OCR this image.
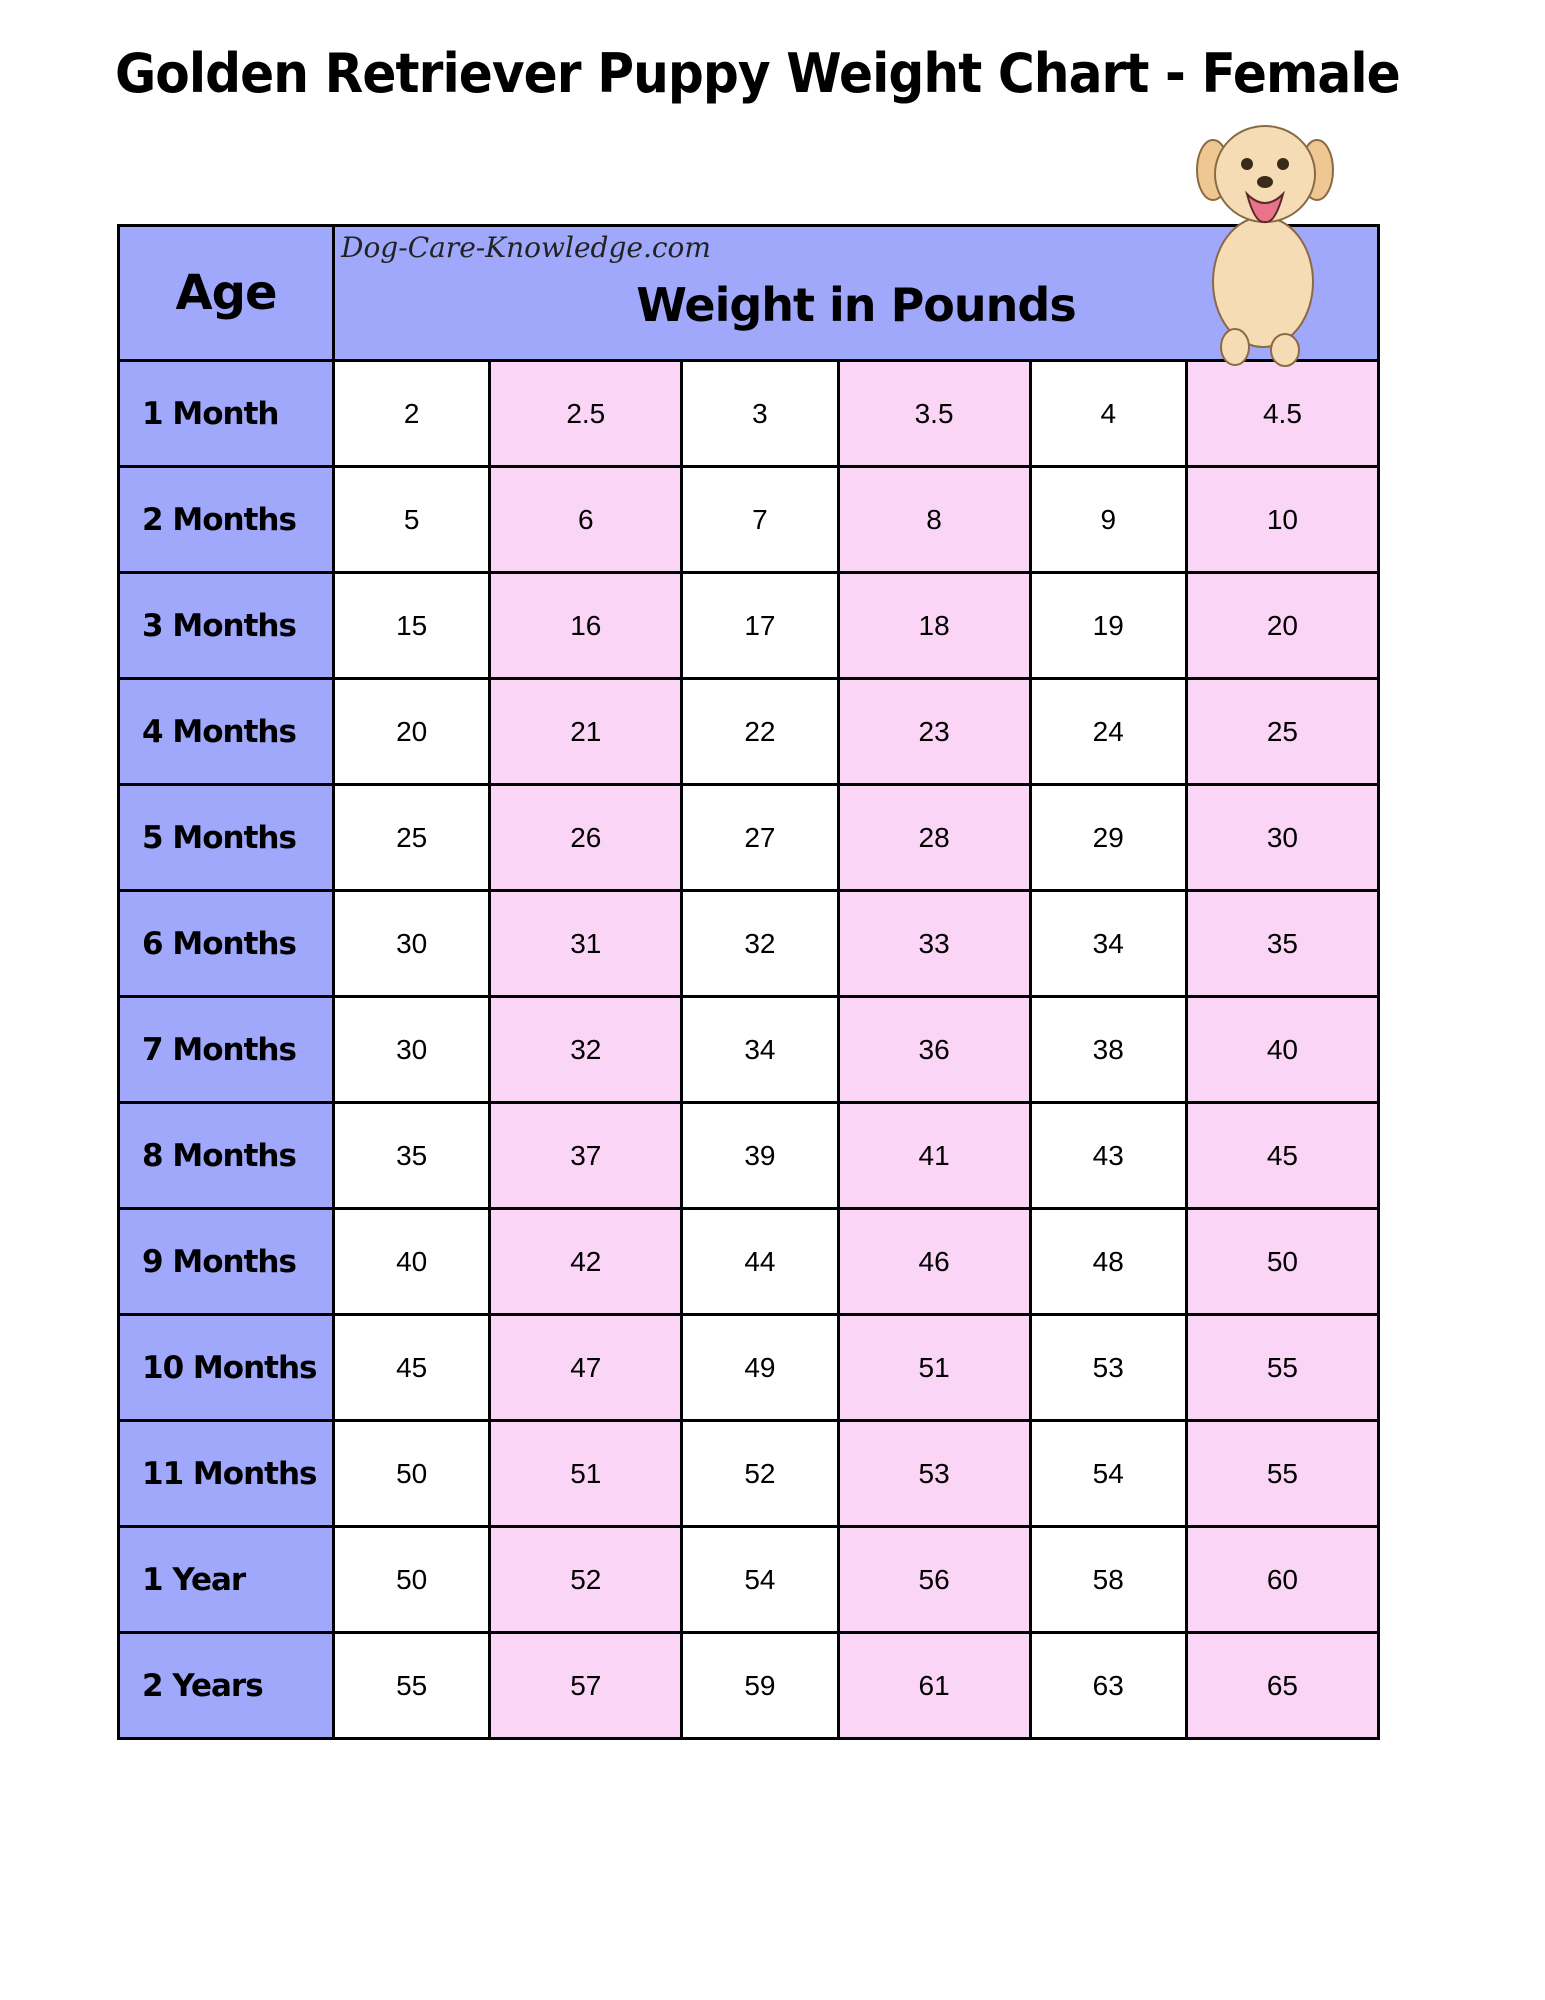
Golden Retriever Puppy Weight Chart - Female
Age	Dog-Care-Knowledge.com
Weight in Pounds					
1 Month	2	2.5	3	3.5	4	4.5
2 Months	5	6	7	8	9	10
3 Months	15	16	17	18	19	20
4 Months	20	21	22	23	24	25
5 Months	25	26	27	28	29	30
6 Months	30	31	32	33	34	35
7 Months	30	32	34	36	38	40
8 Months	35	37	39	41	43	45
9 Months	40	42	44	46	48	50
10 Months	45	47	49	51	53	55
11 Months	50	51	52	53	54	55
1 Year	50	52	54	56	58	60
2 Years	55	57	59	61	63	65
